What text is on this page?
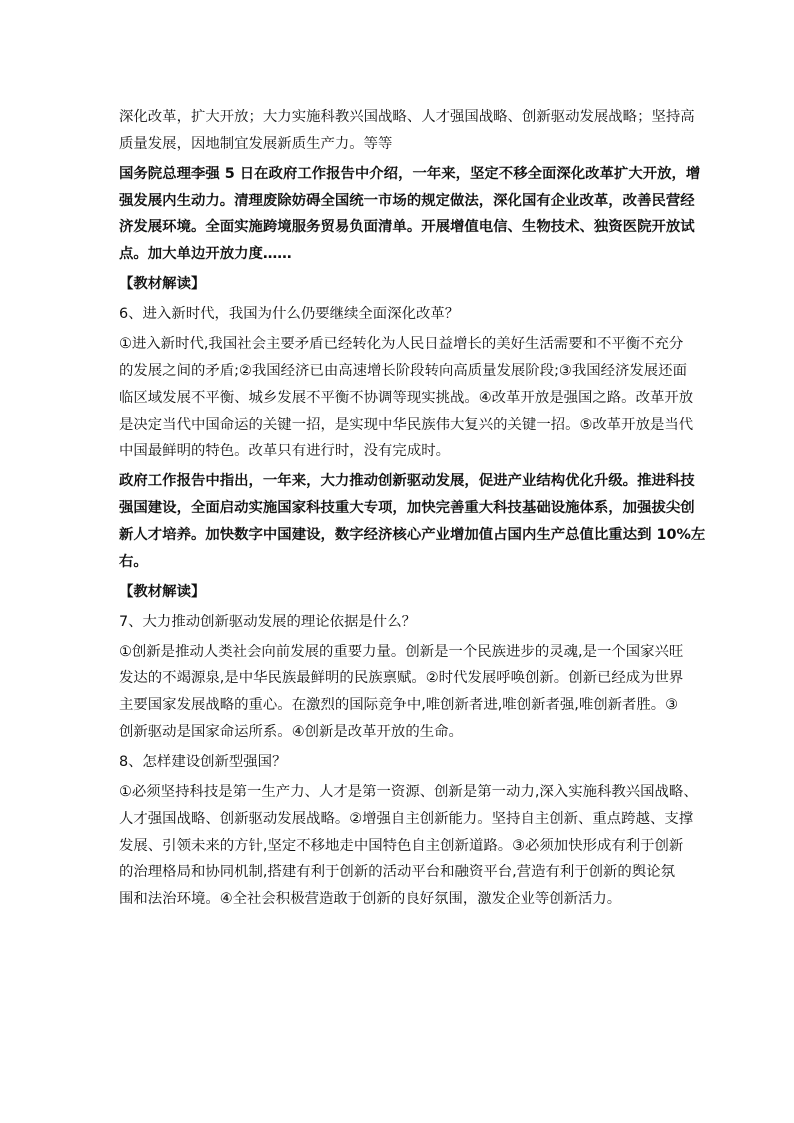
深化改革，扩大开放；大力实施科教兴国战略、人才强国战略、创新驱动发展战略；坚持高
质量发展，因地制宜发展新质生产力。等等
国务院总理李强 5 日在政府工作报告中介绍，一年来，坚定不移全面深化改革扩大开放，增
强发展内生动力。清理废除妨碍全国统一市场的规定做法，深化国有企业改革，改善民营经
济发展环境。全面实施跨境服务贸易负面清单。开展增值电信、生物技术、独资医院开放试
点。加大单边开放力度……
【教材解读】
6、进入新时代，我国为什么仍要继续全面深化改革？
①进入新时代,我国社会主要矛盾已经转化为人民日益增长的美好生活需要和不平衡不充分
的发展之间的矛盾;②我国经济已由高速增长阶段转向高质量发展阶段;③我国经济发展还面
临区域发展不平衡、城乡发展不平衡不协调等现实挑战。④改革开放是强国之路。改革开放
是决定当代中国命运的关键一招，是实现中华民族伟大复兴的关键一招。⑤改革开放是当代
中国最鲜明的特色。改革只有进行时，没有完成时。
政府工作报告中指出，一年来，大力推动创新驱动发展，促进产业结构优化升级。推进科技
强国建设，全面启动实施国家科技重大专项，加快完善重大科技基础设施体系，加强拔尖创
新人才培养。加快数字中国建设，数字经济核心产业增加值占国内生产总值比重达到 10%左
右。
【教材解读】
7、大力推动创新驱动发展的理论依据是什么？
①创新是推动人类社会向前发展的重要力量。创新是一个民族进步的灵魂,是一个国家兴旺
发达的不竭源泉,是中华民族最鲜明的民族禀赋。②时代发展呼唤创新。创新已经成为世界
主要国家发展战略的重心。在激烈的国际竞争中,唯创新者进,唯创新者强,唯创新者胜。③
创新驱动是国家命运所系。④创新是改革开放的生命。
8、怎样建设创新型强国？
①必须坚持科技是第一生产力、人才是第一资源、创新是第一动力,深入实施科教兴国战略、
人才强国战略、创新驱动发展战略。②增强自主创新能力。坚持自主创新、重点跨越、支撑
发展、引领未来的方针,坚定不移地走中国特色自主创新道路。③必须加快形成有利于创新
的治理格局和协同机制,搭建有利于创新的活动平台和融资平台,营造有利于创新的舆论氛
围和法治环境。④全社会积极营造敢于创新的良好氛围，激发企业等创新活力。
